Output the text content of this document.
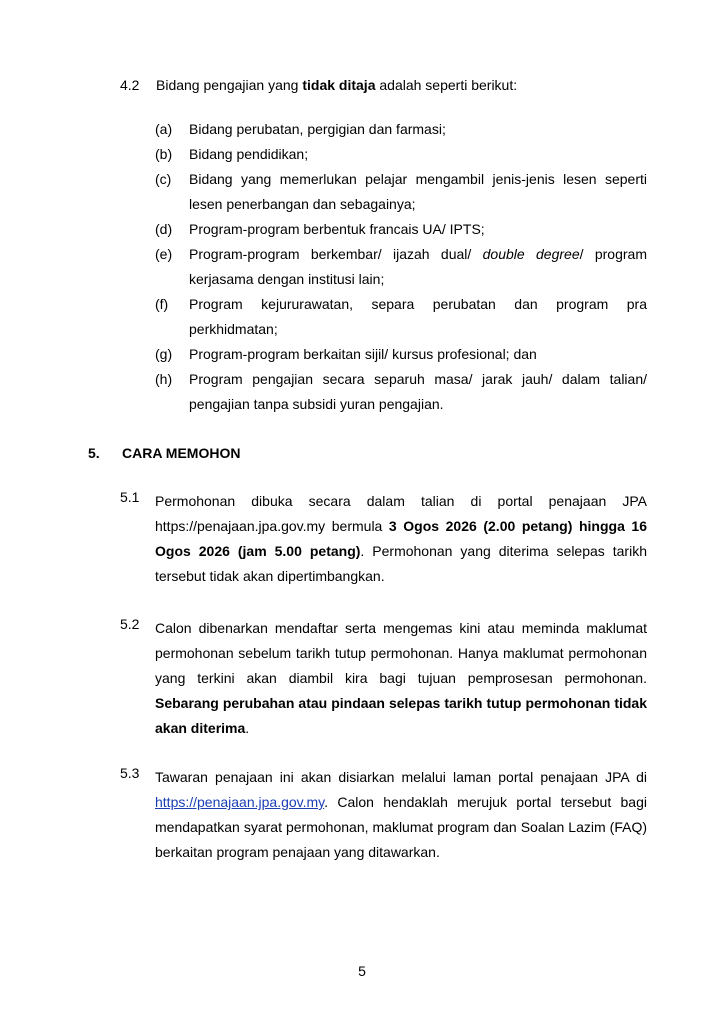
4.2 Bidang pengajian yang tidak ditaja adalah seperti berikut:
(a) Bidang perubatan, pergigian dan farmasi;
(b) Bidang pendidikan;
(c) Bidang yang memerlukan pelajar mengambil jenis-jenis lesen seperti lesen penerbangan dan sebagainya;
(d) Program-program berbentuk francais UA/ IPTS;
(e) Program-program berkembar/ ijazah dual/ double degree/ program kerjasama dengan institusi lain;
(f) Program kejururawatan, separa perubatan dan program pra perkhidmatan;
(g) Program-program berkaitan sijil/ kursus profesional; dan
(h) Program pengajian secara separuh masa/ jarak jauh/ dalam talian/ pengajian tanpa subsidi yuran pengajian.
5. CARA MEMOHON
5.1 Permohonan dibuka secara dalam talian di portal penajaan JPA https://penajaan.jpa.gov.my bermula 3 Ogos 2026 (2.00 petang) hingga 16 Ogos 2026 (jam 5.00 petang). Permohonan yang diterima selepas tarikh tersebut tidak akan dipertimbangkan.
5.2 Calon dibenarkan mendaftar serta mengemas kini atau meminda maklumat permohonan sebelum tarikh tutup permohonan. Hanya maklumat permohonan yang terkini akan diambil kira bagi tujuan pemprosesan permohonan. Sebarang perubahan atau pindaan selepas tarikh tutup permohonan tidak akan diterima.
5.3 Tawaran penajaan ini akan disiarkan melalui laman portal penajaan JPA di https://penajaan.jpa.gov.my. Calon hendaklah merujuk portal tersebut bagi mendapatkan syarat permohonan, maklumat program dan Soalan Lazim (FAQ) berkaitan program penajaan yang ditawarkan.
5
